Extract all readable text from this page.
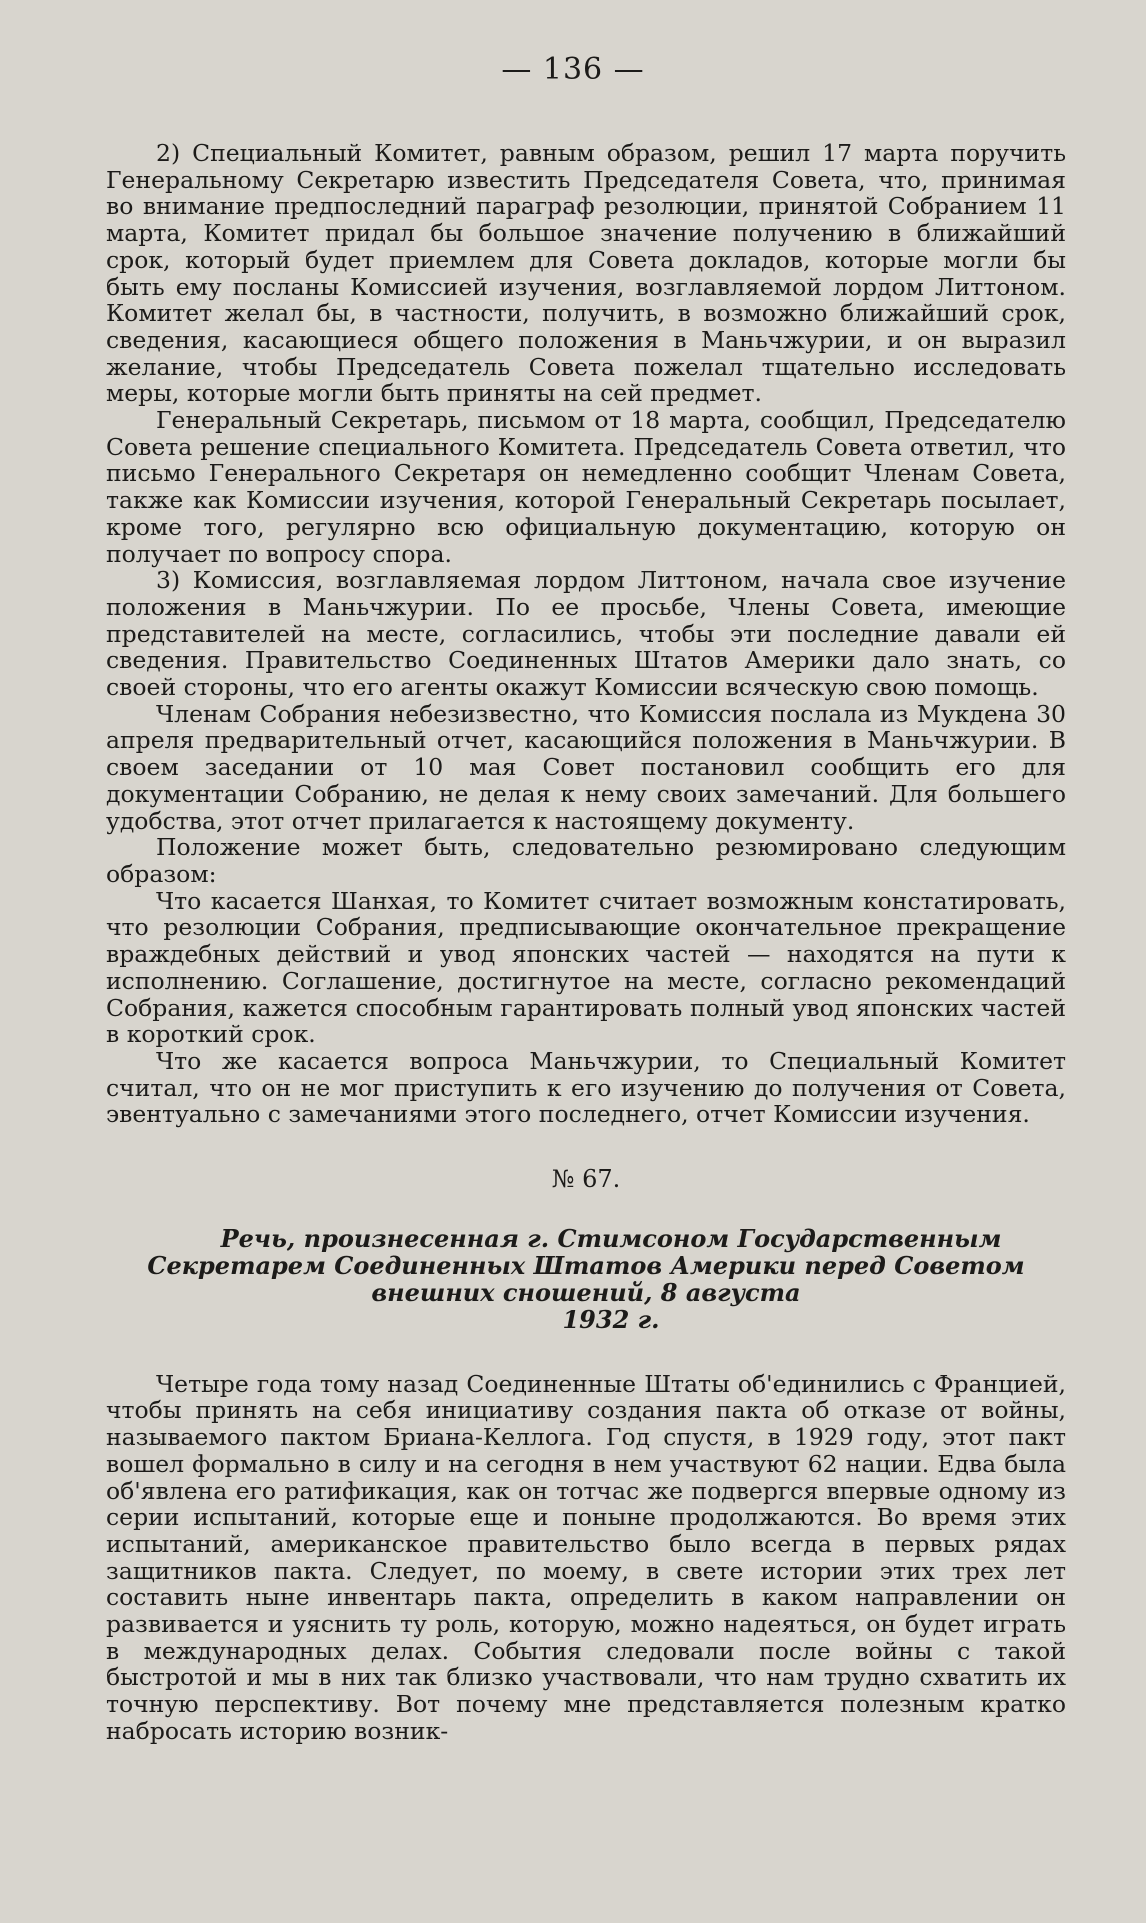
— 136 —

2) Специальный Комитет, равным образом, решил 17 марта поручить Генеральному Секретарю известить Председателя Совета, что, принимая во внимание предпоследний параграф резолюции, принятой Собранием 11 марта, Комитет придал бы большое значение получению в ближайший срок, который будет приемлем для Совета докладов, которые могли бы быть ему посланы Комиссией изучения, возглавляемой лордом Литтоном. Комитет желал бы, в частности, получить, в возможно ближайший срок, сведения, касающиеся общего положения в Маньчжурии, и он выразил желание, чтобы Председатель Совета пожелал тщательно исследовать меры, которые могли быть приняты на сей предмет.

Генеральный Секретарь, письмом от 18 марта, сообщил, Председателю Совета решение специального Комитета. Председатель Совета ответил, что письмо Генерального Секретаря он немедленно сообщит Членам Совета, также как Комиссии изучения, которой Генеральный Секретарь посылает, кроме того, регулярно всю официальную документацию, которую он получает по вопросу спора.

3) Комиссия, возглавляемая лордом Литтоном, начала свое изучение положения в Маньчжурии. По ее просьбе, Члены Совета, имеющие представителей на месте, согласились, чтобы эти последние давали ей сведения. Правительство Соединенных Штатов Америки дало знать, со своей стороны, что его агенты окажут Комиссии всяческую свою помощь.

Членам Собрания небезизвестно, что Комиссия послала из Мукдена 30 апреля предварительный отчет, касающийся положения в Маньчжурии. В своем заседании от 10 мая Совет постановил сообщить его для документации Собранию, не делая к нему своих замечаний. Для большего удобства, этот отчет прилагается к настоящему документу.

Положение может быть, следовательно резюмировано следующим образом:

Что касается Шанхая, то Комитет считает возможным констатировать, что резолюции Собрания, предписывающие окончательное прекращение враждебных действий и увод японских частей — находятся на пути к исполнению. Соглашение, достигнутое на месте, согласно рекомендаций Собрания, кажется способным гарантировать полный увод японских частей в короткий срок.

Что же касается вопроса Маньчжурии, то Специальный Комитет считал, что он не мог приступить к его изучению до получения от Совета, эвентуально с замечаниями этого последнего, отчет Комиссии изучения.

№ 67.

Речь, произнесенная г. Стимсоном Государственным Секретарем Соединенных Штатов Америки перед Советом внешних сношений, 8 августа
1932 г.

Четыре года тому назад Соединенные Штаты об'единились с Францией, чтобы принять на себя инициативу создания пакта об отказе от войны, называемого пактом Бриана-Келлога. Год спустя, в 1929 году, этот пакт вошел формально в силу и на сегодня в нем участвуют 62 нации. Едва была об'явлена его ратификация, как он тотчас же подвергся впервые одному из серии испытаний, которые еще и поныне продолжаются. Во время этих испытаний, американское правительство было всегда в первых рядах защитников пакта. Следует, по моему, в свете истории этих трех лет составить ныне инвентарь пакта, определить в каком направлении он развивается и уяснить ту роль, которую, можно надеяться, он будет играть в международных делах. События следовали после войны с такой быстротой и мы в них так близко участвовали, что нам трудно схватить их точную перспективу. Вот почему мне представляется полезным кратко набросать историю возник-
